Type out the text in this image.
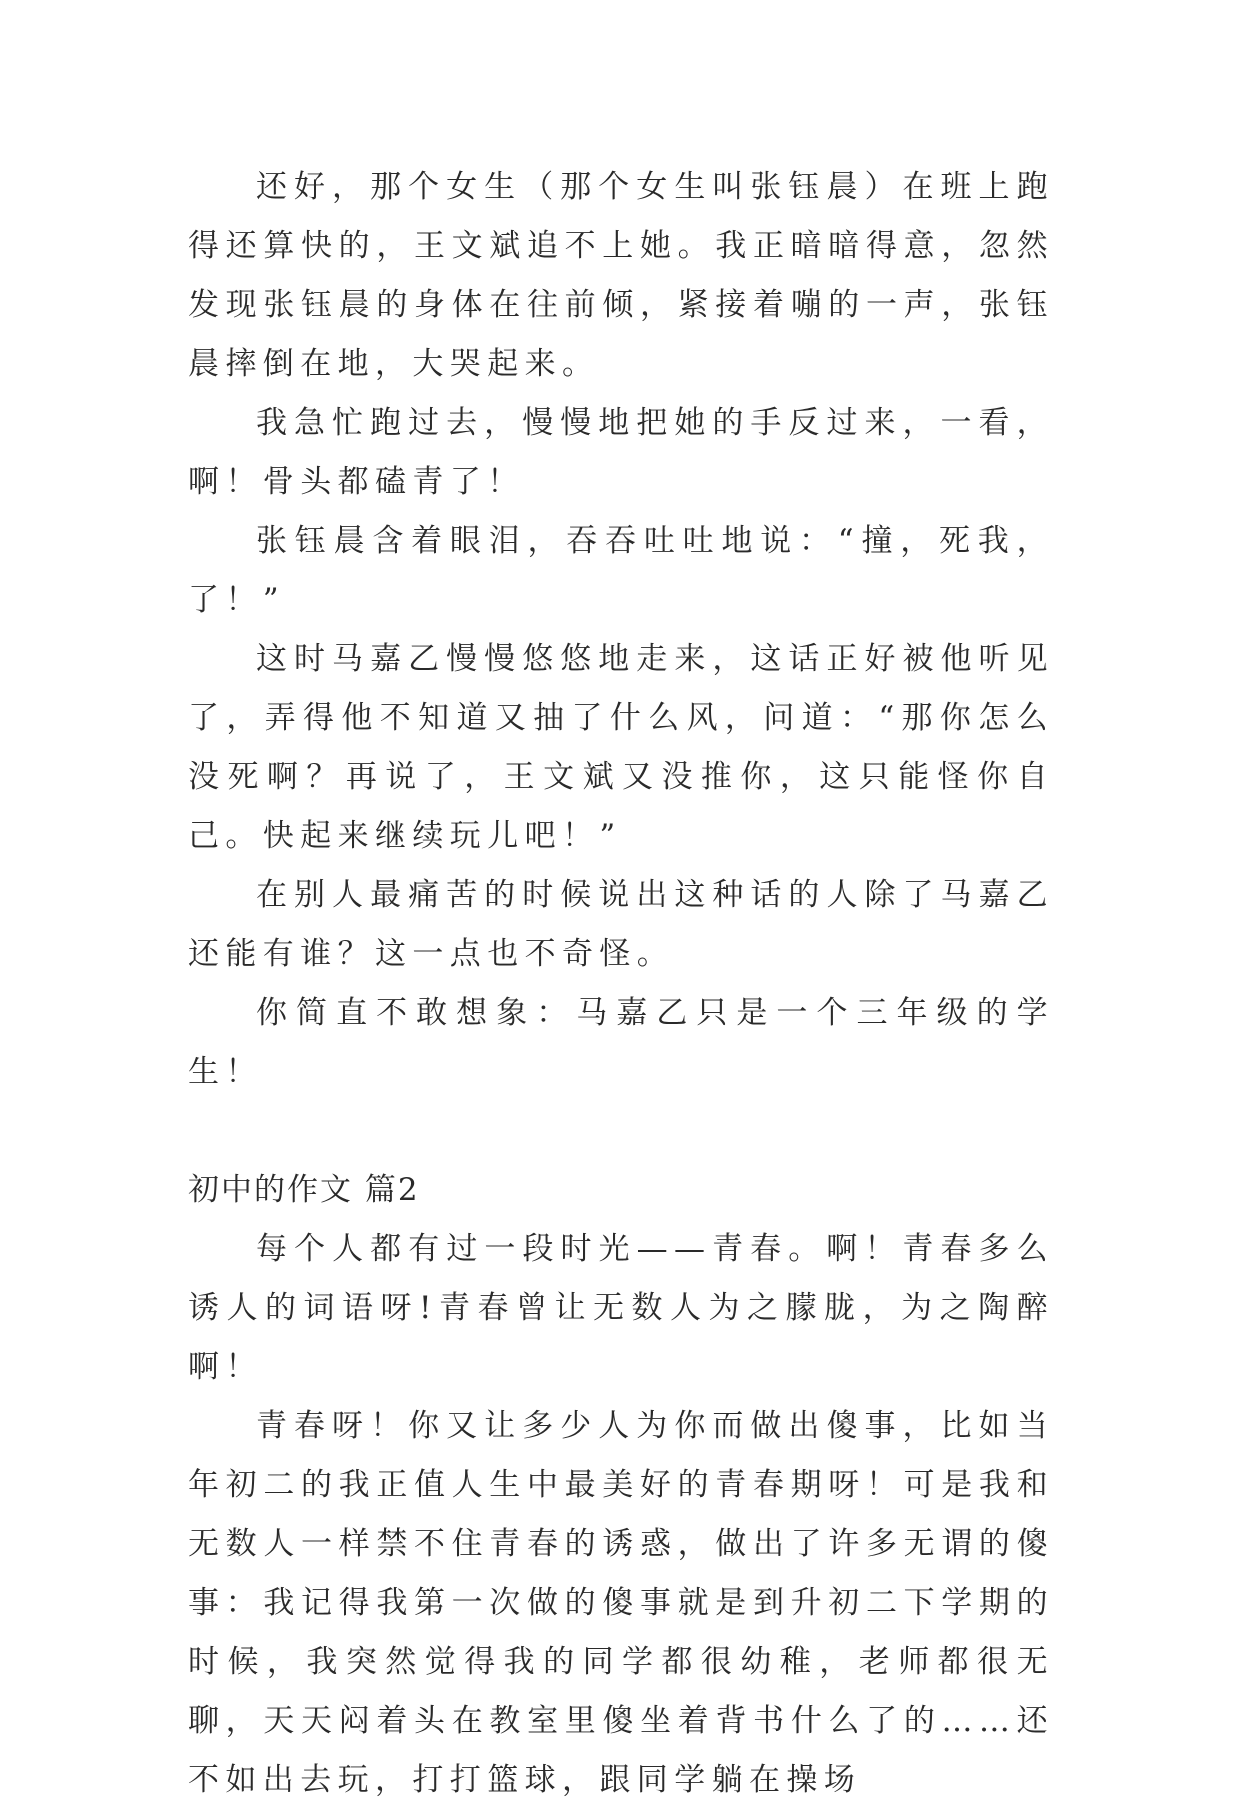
还好，那个女生（那个女生叫张钰晨）在班上跑得还算快的，王文斌追不上她。我正暗暗得意，忽然发现张钰晨的身体在往前倾，紧接着嘣的一声，张钰晨摔倒在地，大哭起来。

我急忙跑过去，慢慢地把她的手反过来，一看，啊！骨头都磕青了！

张钰晨含着眼泪，吞吞吐吐地说：“撞，死我，了！”

这时马嘉乙慢慢悠悠地走来，这话正好被他听见了，弄得他不知道又抽了什么风，问道：“那你怎么没死啊？再说了，王文斌又没推你，这只能怪你自己。快起来继续玩儿吧！”

在别人最痛苦的时候说出这种话的人除了马嘉乙还能有谁？这一点也不奇怪。

你简直不敢想象：马嘉乙只是一个三年级的学生！

初中的作文 篇2

每个人都有过一段时光——青春。啊！青春多么诱人的词语呀!青春曾让无数人为之朦胧，为之陶醉啊！

青春呀！你又让多少人为你而做出傻事，比如当年初二的我正值人生中最美好的青春期呀！可是我和无数人一样禁不住青春的诱惑，做出了许多无谓的傻事：我记得我第一次做的傻事就是到升初二下学期的时候，我突然觉得我的同学都很幼稚，老师都很无聊，天天闷着头在教室里傻坐着背书什么了的……还不如出去玩，打打篮球，跟同学躺在操场
